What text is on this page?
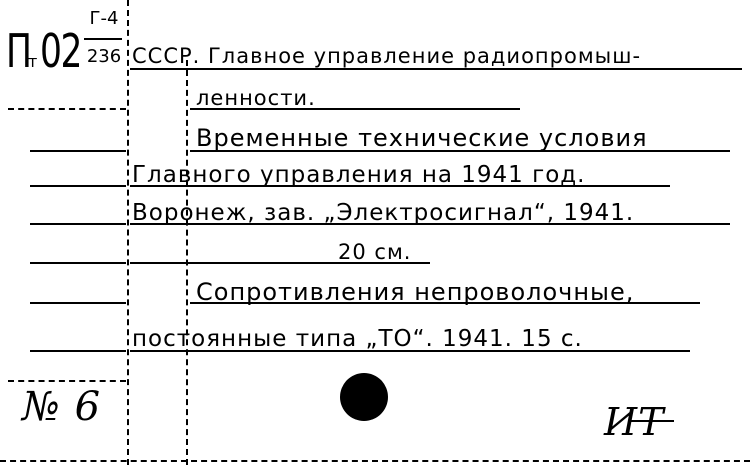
П
т 02
Г-4
236 СССР. Главное управление радиопромыш-
ленности.
Временные технические условия
Главного управления на 1941 год.
Воронеж, зав. „Электросигнал“, 1941.
20 см.
Сопротивления непроволочные,
постоянные типа „ТО“. 1941. 15 с.
№ 6	ИТ
